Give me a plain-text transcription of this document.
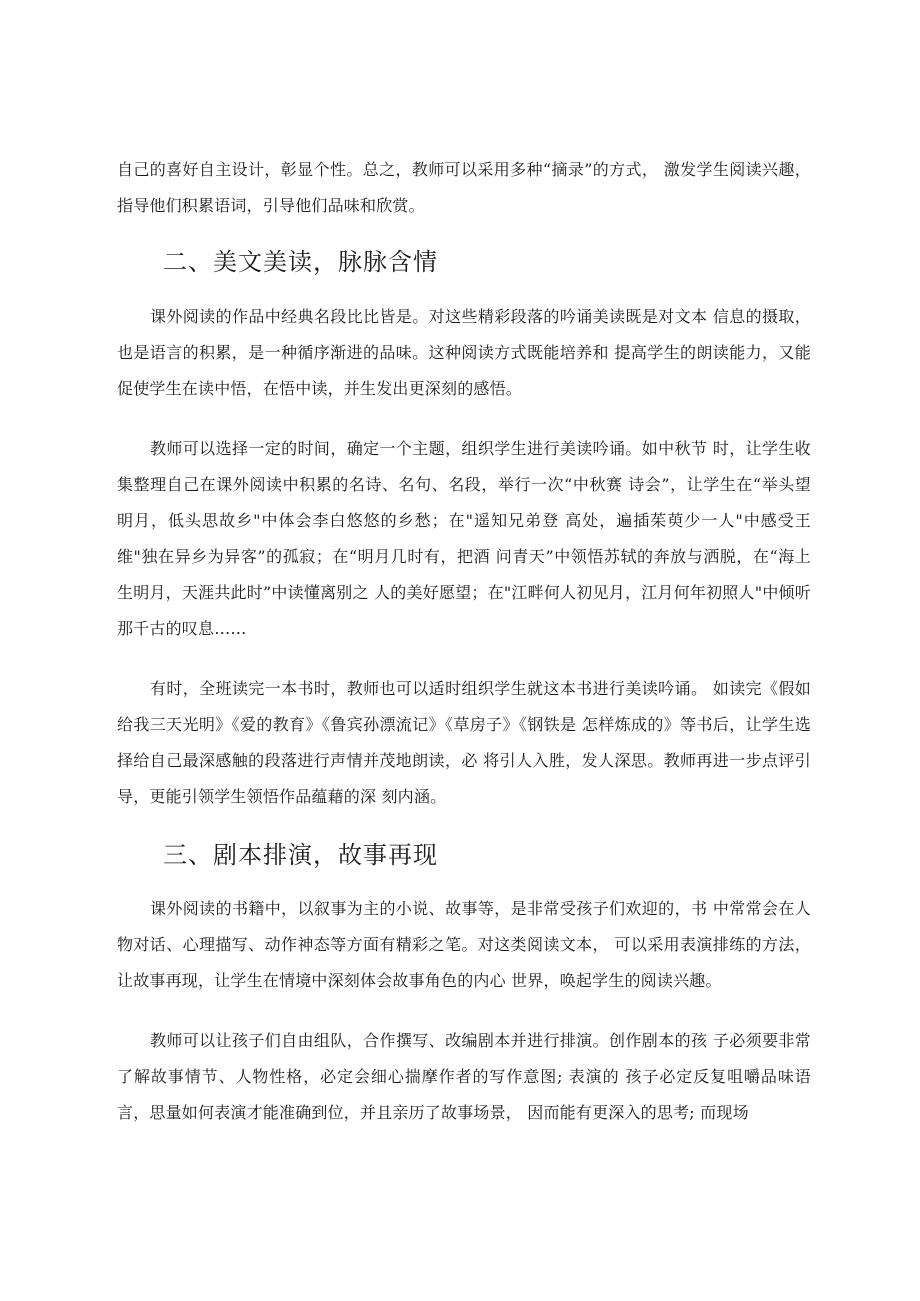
自己的喜好自主设计，彰显个性。总之，教师可以采用多种“摘录”的方式， 激发学生阅读兴趣，指导他们积累语词，引导他们品味和欣赏。

二、美文美读，脉脉含情

课外阅读的作品中经典名段比比皆是。对这些精彩段落的吟诵美读既是对文本 信息的摄取，也是语言的积累，是一种循序渐进的品味。这种阅读方式既能培养和 提高学生的朗读能力，又能促使学生在读中悟，在悟中读，并生发出更深刻的感悟。

教师可以选择一定的时间，确定一个主题，组织学生进行美读吟诵。如中秋节 时，让学生收集整理自己在课外阅读中积累的名诗、名句、名段，举行一次“中秋赛 诗会”，让学生在“举头望明月，低头思故乡"中体会李白悠悠的乡愁；在"遥知兄弟登 高处，遍插茱萸少一人"中感受王维"独在异乡为异客”的孤寂；在“明月几时有，把酒 问青天”中领悟苏轼的奔放与洒脱，在“海上生明月，天涯共此时”中读懂离别之 人的美好愿望；在"江畔何人初见月，江月何年初照人"中倾听那千古的叹息……

有时，全班读完一本书时，教师也可以适时组织学生就这本书进行美读吟诵。 如读完《假如给我三天光明》《爱的教育》《鲁宾孙漂流记》《草房子》《钢铁是 怎样炼成的》等书后，让学生选择给自己最深感触的段落进行声情并茂地朗读，必 将引人入胜，发人深思。教师再进一步点评引导，更能引领学生领悟作品蕴藉的深 刻内涵。

三、剧本排演，故事再现

课外阅读的书籍中，以叙事为主的小说、故事等，是非常受孩子们欢迎的，书 中常常会在人物对话、心理描写、动作神态等方面有精彩之笔。对这类阅读文本， 可以采用表演排练的方法，让故事再现，让学生在情境中深刻体会故事角色的内心 世界，唤起学生的阅读兴趣。

教师可以让孩子们自由组队，合作撰写、改编剧本并进行排演。创作剧本的孩 子必须要非常了解故事情节、人物性格，必定会细心揣摩作者的写作意图; 表演的 孩子必定反复咀嚼品味语言，思量如何表演才能准确到位，并且亲历了故事场景， 因而能有更深入的思考; 而现场
